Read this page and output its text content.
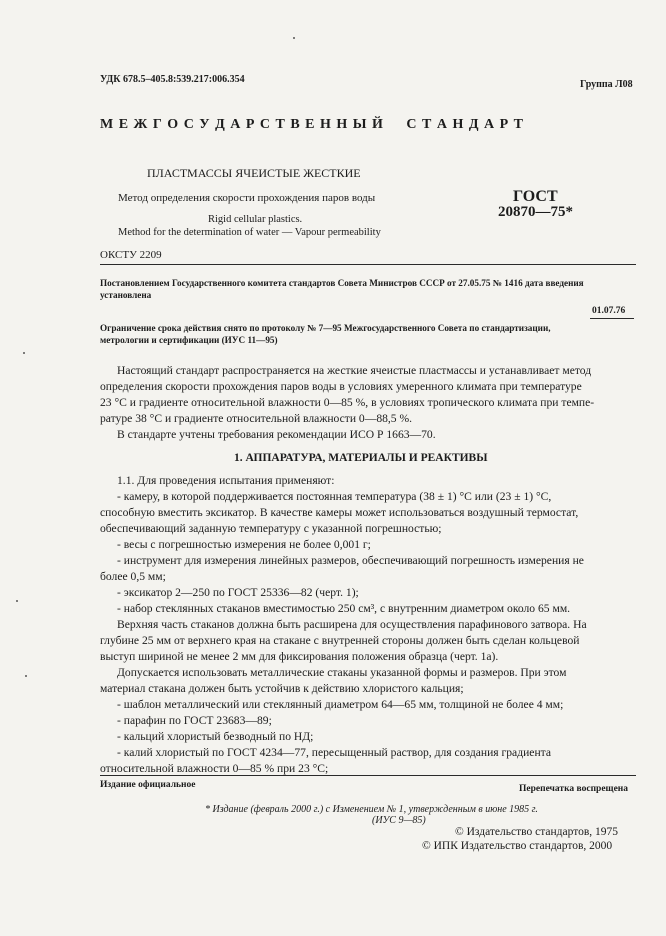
УДК 678.5–405.8:539.217:006.354	Группа Л08
М Е Ж Г О С У Д А Р С Т В Е Н Н Ы Й     С Т А Н Д А Р Т
ПЛАСТМАССЫ ЯЧЕИСТЫЕ ЖЕСТКИЕ
Метод определения скорости прохождения паров воды	ГОСТ
20870—75*
Rigid cellular plastics.
Method for the determination of water — Vapour permeability
ОКСТУ 2209
Постановлением Государственного комитета стандартов Совета Министров СССР от 27.05.75 № 1416 дата введения
установлена
01.07.76
Ограничение срока действия снято по протоколу № 7—95 Межгосударственного Совета по стандартизации,
метрологии и сертификации (ИУС 11—95)

Настоящий стандарт распространяется на жесткие ячеистые пластмассы и устанавливает метод

определения скорости прохождения паров воды в условиях умеренного климата при температуре

23 °С и градиенте относительной влажности 0—85 %, в условиях тропического климата при темпе-

ратуре 38 °С и градиенте относительной влажности 0—88,5 %.

В стандарте учтены требования рекомендации ИСО Р 1663—70.

1. АППАРАТУРА, МАТЕРИАЛЫ И РЕАКТИВЫ

1.1. Для проведения испытания применяют:

- камеру, в которой поддерживается постоянная температура (38 ± 1) °С или (23 ± 1) °С,

способную вместить эксикатор. В качестве камеры может использоваться воздушный термостат,

обеспечивающий заданную температуру с указанной погрешностью;

- весы с погрешностью измерения не более 0,001 г;

- инструмент для измерения линейных размеров, обеспечивающий погрешность измерения не

более 0,5 мм;

- эксикатор 2—250 по ГОСТ 25336—82 (черт. 1);

- набор стеклянных стаканов вместимостью 250 см³, с внутренним диаметром около 65 мм.

Верхняя часть стаканов должна быть расширена для осуществления парафинового затвора. На

глубине 25 мм от верхнего края на стакане с внутренней стороны должен быть сделан кольцевой

выступ шириной не менее 2 мм для фиксирования положения образца (черт. 1а).

Допускается использовать металлические стаканы указанной формы и размеров. При этом

материал стакана должен быть устойчив к действию хлористого кальция;

- шаблон металлический или стеклянный диаметром 64—65 мм, толщиной не более 4 мм;

- парафин по ГОСТ 23683—89;

- кальций хлористый безводный по НД;

- калий хлористый по ГОСТ 4234—77, пересыщенный раствор, для создания градиента

относительной влажности 0—85 % при 23 °С;

Издание официальное	Перепечатка воспрещена
* Издание (февраль 2000 г.) с Изменением № 1, утвержденным в июне 1985 г.
(ИУС 9—85)
© Издательство стандартов, 1975
© ИПК Издательство стандартов, 2000
